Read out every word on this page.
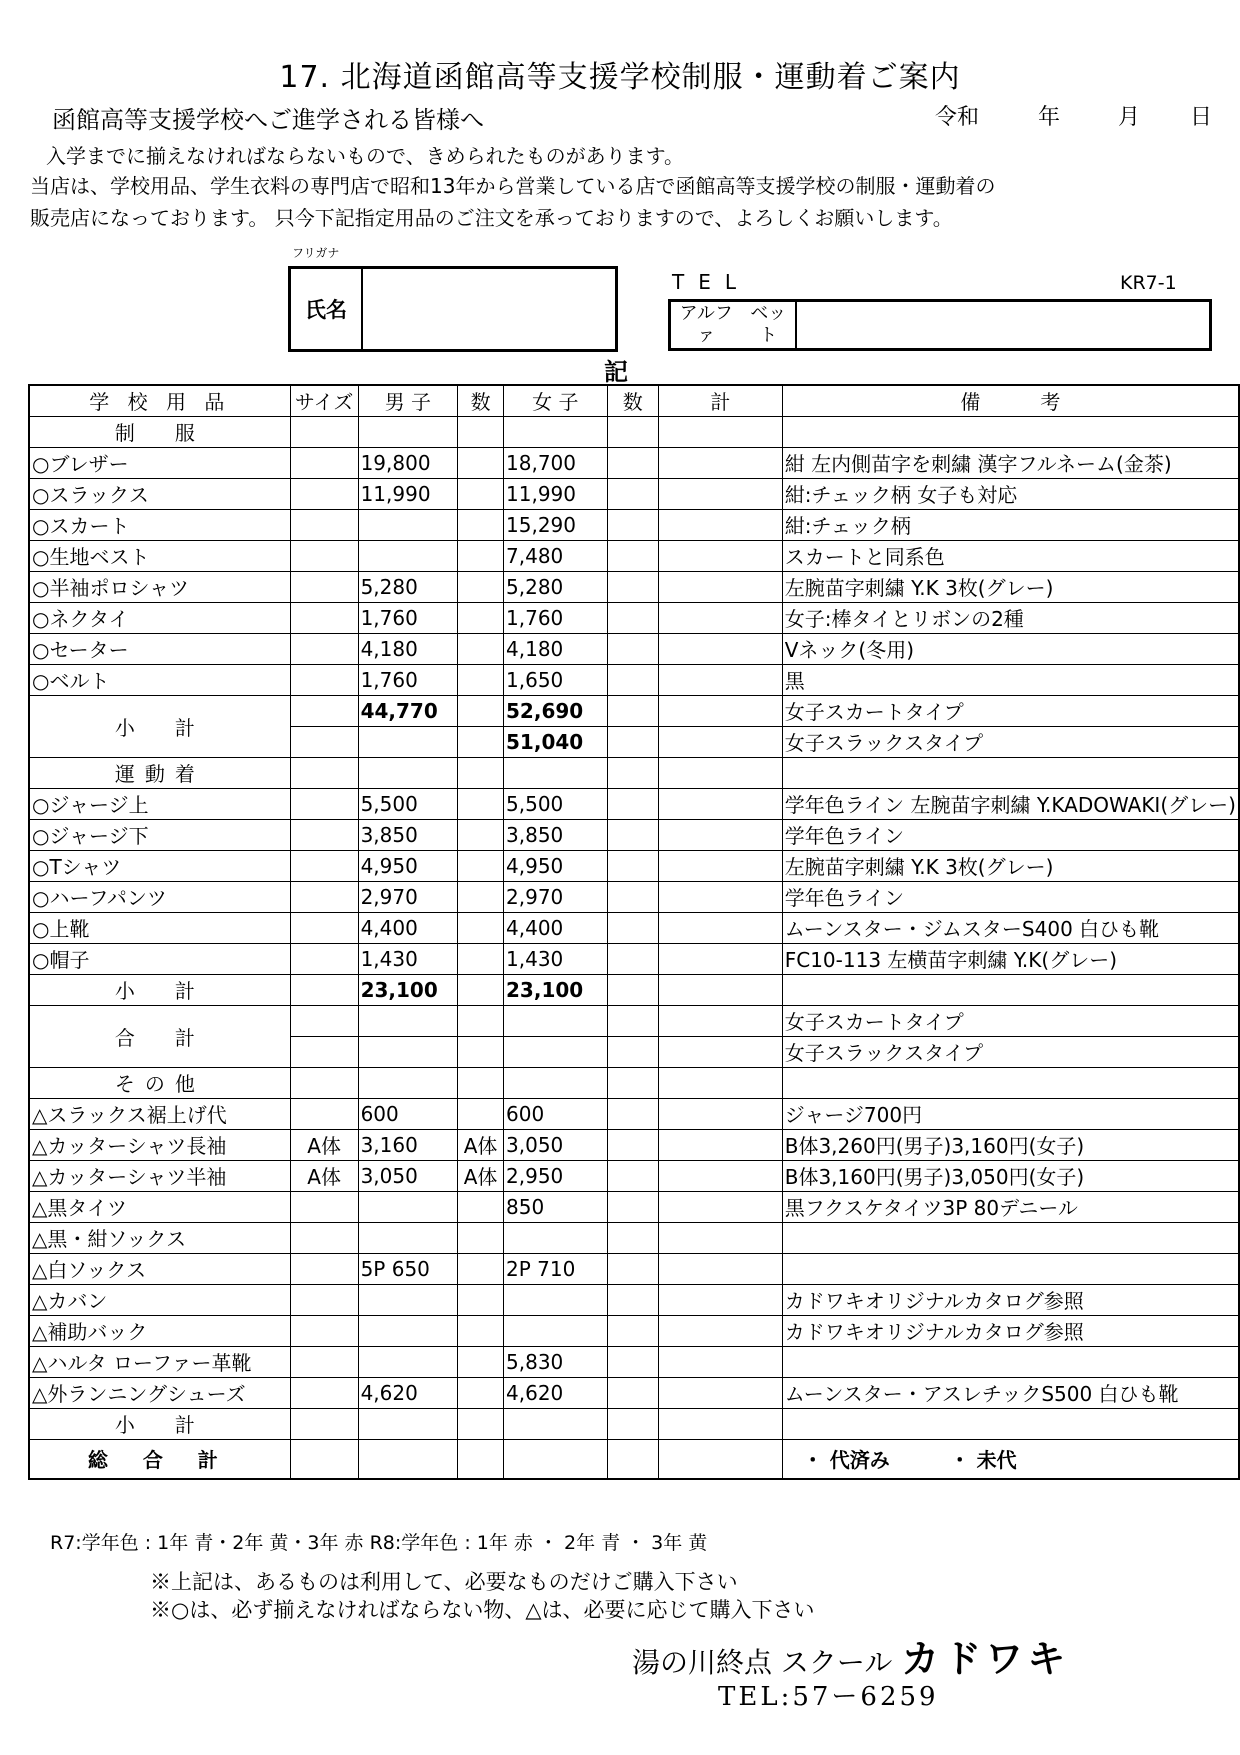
17. 北海道函館高等支援学校制服・運動着ご案内
函館高等支援学校へご進学される皆様へ	令和	年	月 日
入学までに揃えなければならないもので、きめられたものがあります。
当店は、学校用品、学生衣料の専門店で昭和13年から営業している店で函館高等支援学校の制服・運動着の
販売店になっております。 只今下記指定用品のご注文を承っておりますので、よろしくお願いします。
フリガナ
氏名
TEL	KR7-1
アルファ

ベット
記
学 校 用 品	サイズ	男 子	数	女 子	数	計	備　　　考
制　服							
○ブレザー		19,800		18,700			紺 左内側苗字を刺繍 漢字フルネーム(金茶)
○スラックス		11,990		11,990			紺:チェック柄 女子も対応
○スカート				15,290			紺:チェック柄
○生地ベスト				7,480			スカートと同系色
○半袖ポロシャツ		5,280		5,280			左腕苗字刺繍 Y.K 3枚(グレー)
○ネクタイ		1,760		1,760			女子:棒タイとリボンの2種
○セーター		4,180		4,180			Vネック(冬用)
○ベルト		1,760		1,650			黒
小　計		44,770		52,690			女子スカートタイプ
				51,040			女子スラックスタイプ
運動着							
○ジャージ上		5,500		5,500			学年色ライン 左腕苗字刺繍 Y.KADOWAKI(グレー)
○ジャージ下		3,850		3,850			学年色ライン
○Tシャツ		4,950		4,950			左腕苗字刺繍 Y.K 3枚(グレー)
○ハーフパンツ		2,970		2,970			学年色ライン
○上靴		4,400		4,400			ムーンスター・ジムスターS400 白ひも靴
○帽子		1,430		1,430			FC10-113 左横苗字刺繍 Y.K(グレー)
小　計		23,100		23,100			
合　計							女子スカートタイプ
							女子スラックスタイプ
その他							
△スラックス裾上げ代		600		600			ジャージ700円
△カッターシャツ長袖	A体	3,160	A体	3,050			B体3,260円(男子)3,160円(女子)
△カッターシャツ半袖	A体	3,050	A体	2,950			B体3,160円(男子)3,050円(女子)
△黒タイツ				850			黒フクスケタイツ3P 80デニール
△黒・紺ソックス							
△白ソックス		5P 650		2P 710			
△カバン							カドワキオリジナルカタログ参照
△補助バック							カドワキオリジナルカタログ参照
△ハルタ ローファー革靴				5,830			
△外ランニングシューズ		4,620		4,620			ムーンスター・アスレチックS500 白ひも靴
小　計							
総 合 計							・ 代済み　　　・ 未代
R7:学年色 : 1年 青・2年 黄・3年 赤 R8:学年色 : 1年 赤 ・ 2年 青 ・ 3年 黄
※上記は、あるものは利用して、必要なものだけご購入下さい
※○は、必ず揃えなければならない物、△は、必要に応じて購入下さい
湯の川終点 スクール カドワキ
TEL:57ー6259
